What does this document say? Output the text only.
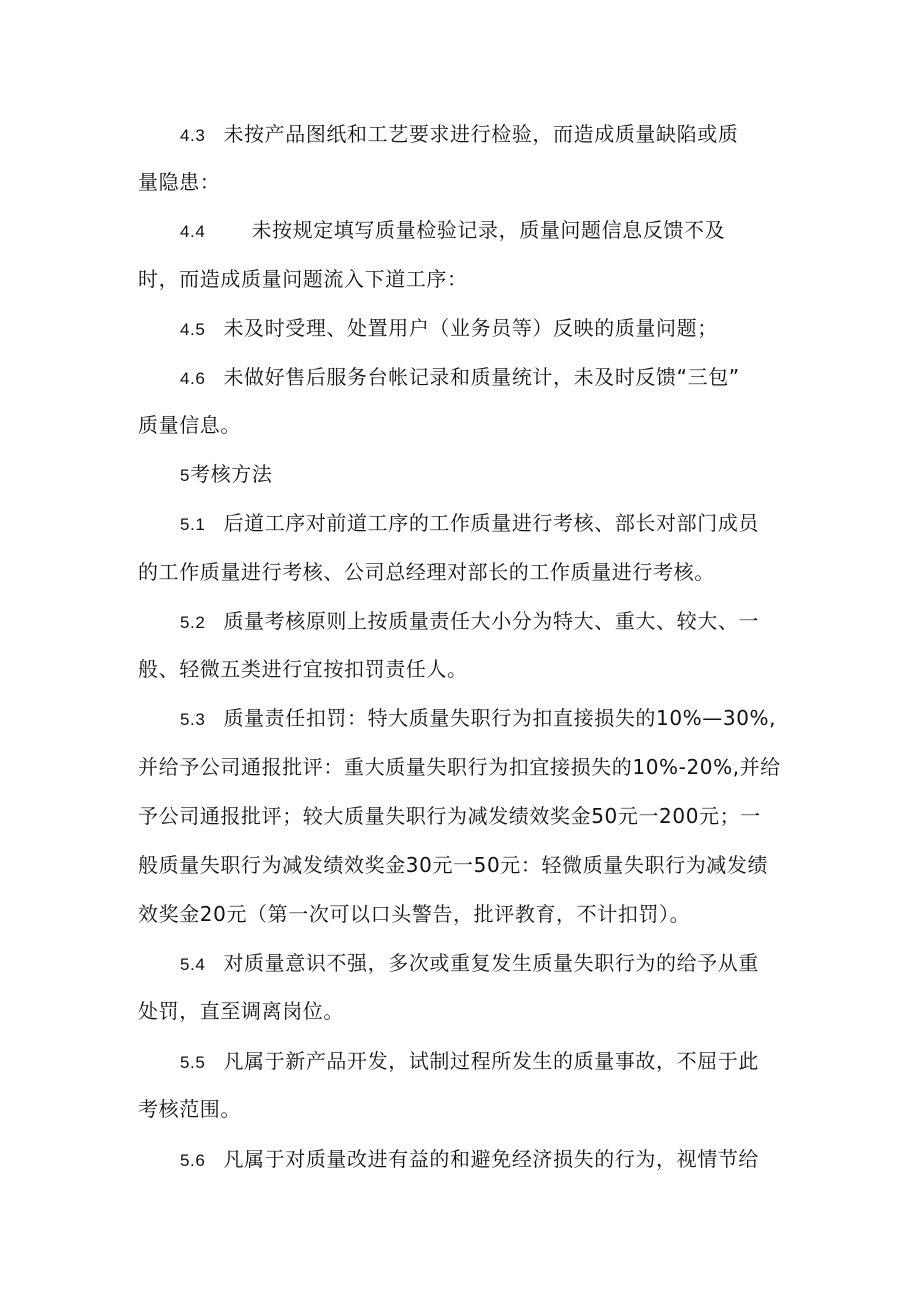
4.3 未按产品图纸和工艺要求进行检验，而造成质量缺陷或质
量隐患：
4.4 未按规定填写质量检验记录，质量问题信息反馈不及
时，而造成质量问题流入下道工序：
4.5 未及时受理、处置用户（业务员等）反映的质量问题；
4.6 未做好售后服务台帐记录和质量统计，未及时反馈“三包”
质量信息。
5考核方法
5.1 后道工序对前道工序的工作质量进行考核、部长对部门成员
的工作质量进行考核、公司总经理对部长的工作质量进行考核。
5.2 质量考核原则上按质量责任大小分为特大、重大、较大、一
般、轻微五类进行宜按扣罚责任人。
5.3 质量责任扣罚：特大质量失职行为扣直接损失的10%—30%,
并给予公司通报批评：重大质量失职行为扣宜接损失的10%-20%,并给
予公司通报批评；较大质量失职行为减发绩效奖金50元一200元；一
般质量失职行为减发绩效奖金30元一50元：轻微质量失职行为减发绩
效奖金20元（第一次可以口头警告，批评教育，不计扣罚）。
5.4 对质量意识不强，多次或重复发生质量失职行为的给予从重
处罚，直至调离岗位。
5.5 凡属于新产品开发，试制过程所发生的质量事故，不屈于此
考核范围。
5.6 凡属于对质量改进有益的和避免经济损失的行为，视情节给
